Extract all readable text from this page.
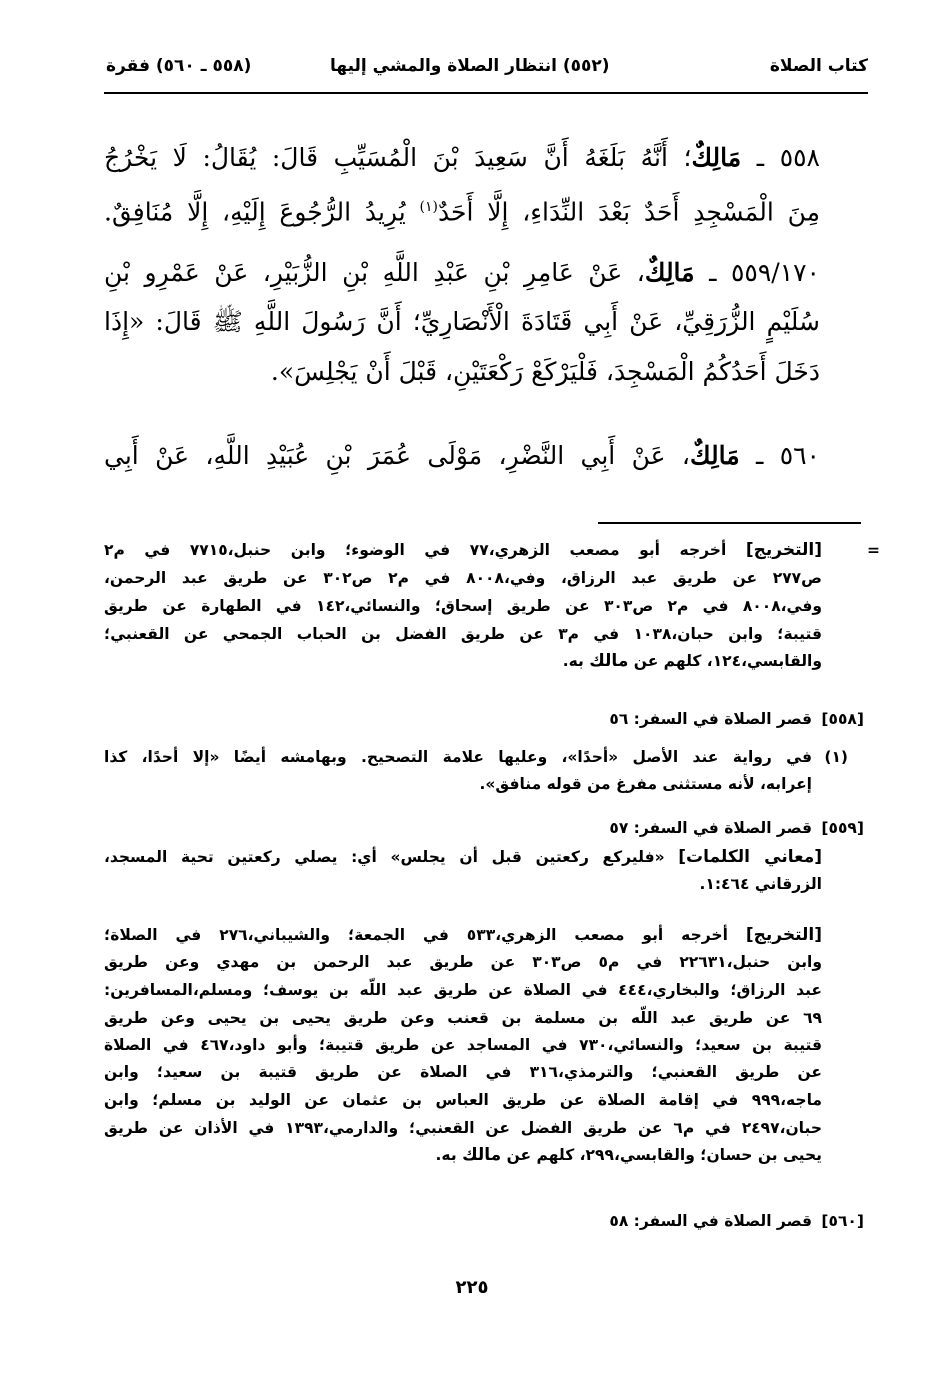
كتاب الصلاة
(٥٥٢) انتظار الصلاة والمشي إليها
(٥٥٨ ـ ٥٦٠) فقرة
٥٥٨ ـ مَالِكٌ؛ أَنَّهُ بَلَغَهُ أَنَّ سَعِيدَ بْنَ الْمُسَيِّبِ قَالَ: يُقَالُ: لَا يَخْرُجُ
مِنَ الْمَسْجِدِ أَحَدٌ بَعْدَ النِّدَاءِ، إِلَّا أَحَدٌ$^{(١)}$ يُرِيدُ الرُّجُوعَ إِلَيْهِ، إِلَّا مُنَافِقٌ.
٥٥٩/١٧٠ ـ مَالِكٌ، عَنْ عَامِرِ بْنِ عَبْدِ اللَّهِ بْنِ الزُّبَيْرِ، عَنْ عَمْرِو بْنِ
سُلَيْمٍ الزُّرَقِيِّ، عَنْ أَبِي قَتَادَةَ الْأَنْصَارِيِّ؛ أَنَّ رَسُولَ اللَّهِ ﷺ قَالَ: «إِذَا
دَخَلَ أَحَدُكُمُ الْمَسْجِدَ، فَلْيَرْكَعْ رَكْعَتَيْنِ، قَبْلَ أَنْ يَجْلِسَ».
٥٦٠ ـ مَالِكٌ، عَنْ أَبِي النَّضْرِ، مَوْلَى عُمَرَ بْنِ عُبَيْدِ اللَّهِ، عَنْ أَبِي
=
[التخريج] أخرجه أبو مصعب الزهري،٧٧ في الوضوء؛ وابن حنبل،٧٧١٥ في م٢
ص٢٧٧ عن طريق عبد الرزاق، وفي،٨٠٠٨ في م٢ ص٣٠٢ عن طريق عبد الرحمن،
وفي،٨٠٠٨ في م٢ ص٣٠٣ عن طريق إسحاق؛ والنسائي،١٤٢ في الطهارة عن طريق
قتيبة؛ وابن حبان،١٠٣٨ في م٣ عن طريق الفضل بن الحباب الجمحي عن القعنبي؛
والقابسي،١٢٤، كلهم عن مالك به.
[٥٥٨]
قصر الصلاة في السفر: ٥٦
(١)
في رواية عند الأصل «أحدًا»، وعليها علامة التصحيح. وبهامشه أيضًا «إلا أحدًا، كذا
إعرابه، لأنه مستثنى مفرغ من قوله منافق».
[٥٥٩]
قصر الصلاة في السفر: ٥٧
[معاني الكلمات] «فليركع ركعتين قبل أن يجلس» أي: يصلي ركعتين تحية المسجد،
الزرقاني ١:٤٦٤.
[التخريج] أخرجه أبو مصعب الزهري،٥٣٣ في الجمعة؛ والشيباني،٢٧٦ في الصلاة؛
وابن حنبل،٢٢٦٣١ في م٥ ص٣٠٣ عن طريق عبد الرحمن بن مهدي وعن طريق
عبد الرزاق؛ والبخاري،٤٤٤ في الصلاة عن طريق عبد اللّه بن يوسف؛ ومسلم،المسافرين:
٦٩ عن طريق عبد اللّه بن مسلمة بن قعنب وعن طريق يحيى بن يحيى وعن طريق
قتيبة بن سعيد؛ والنسائي،٧٣٠ في المساجد عن طريق قتيبة؛ وأبو داود،٤٦٧ في الصلاة
عن طريق القعنبي؛ والترمذي،٣١٦ في الصلاة عن طريق قتيبة بن سعيد؛ وابن
ماجه،٩٩٩ في إقامة الصلاة عن طريق العباس بن عثمان عن الوليد بن مسلم؛ وابن
حبان،٢٤٩٧ في م٦ عن طريق الفضل عن القعنبي؛ والدارمي،١٣٩٣ في الأذان عن طريق
يحيى بن حسان؛ والقابسي،٢٩٩، كلهم عن مالك به.
[٥٦٠]
قصر الصلاة في السفر: ٥٨
٢٢٥
